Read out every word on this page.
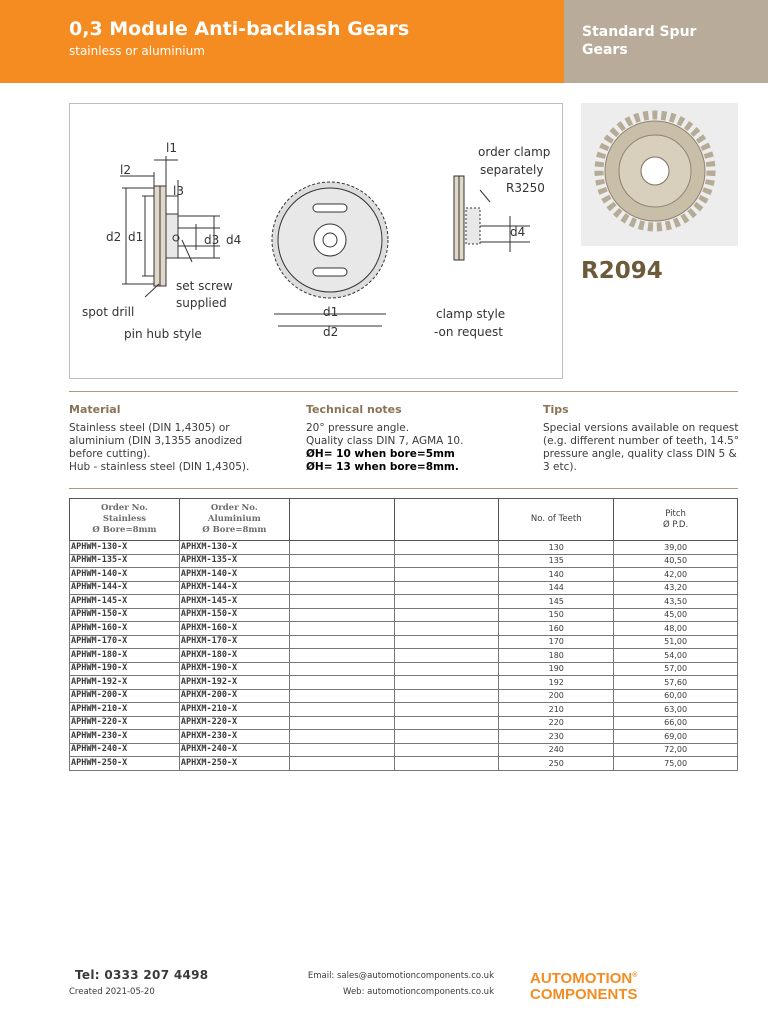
0,3 Module Anti-backlash Gears
stainless or aluminium
Standard Spur
Gears
l1
l2
l3
d2 d1	d3 d4
spot drill
set screw
supplied
pin hub style
d1
d2
order clamp
separately
R3250
d4
clamp style
-on request
R2094
Material

Stainless steel (DIN 1,4305) or
aluminium (DIN 3,1355 anodized
before cutting).
Hub - stainless steel (DIN 1,4305).

Technical notes
20° pressure angle.
Quality class DIN 7, AGMA 10.
ØH= 10 when bore=5mm
ØH= 13 when bore=8mm.
Tips

Special versions available on request
(e.g. different number of teeth, 14.5°
pressure angle, quality class DIN 5 &
3 etc).

Order No.
Stainless
Ø Bore=8mm	Order No.
Aluminium
Ø Bore=8mm			No. of Teeth	Pitch
Ø P.D.
APHWM-130-X	APHXM-130-X			130	39,00
APHWM-135-X	APHXM-135-X			135	40,50
APHWM-140-X	APHXM-140-X			140	42,00
APHWM-144-X	APHXM-144-X			144	43,20
APHWM-145-X	APHXM-145-X			145	43,50
APHWM-150-X	APHXM-150-X			150	45,00
APHWM-160-X	APHXM-160-X			160	48,00
APHWM-170-X	APHXM-170-X			170	51,00
APHWM-180-X	APHXM-180-X			180	54,00
APHWM-190-X	APHXM-190-X			190	57,00
APHWM-192-X	APHXM-192-X			192	57,60
APHWM-200-X	APHXM-200-X			200	60,00
APHWM-210-X	APHXM-210-X			210	63,00
APHWM-220-X	APHXM-220-X			220	66,00
APHWM-230-X	APHXM-230-X			230	69,00
APHWM-240-X	APHXM-240-X			240	72,00
APHWM-250-X	APHXM-250-X			250	75,00
Tel: 0333 207 4498
Created 2021-05-20
Email: sales@automotioncomponents.co.uk
Web: automotioncomponents.co.uk
AUTOMOTION®
COMPONENTS
